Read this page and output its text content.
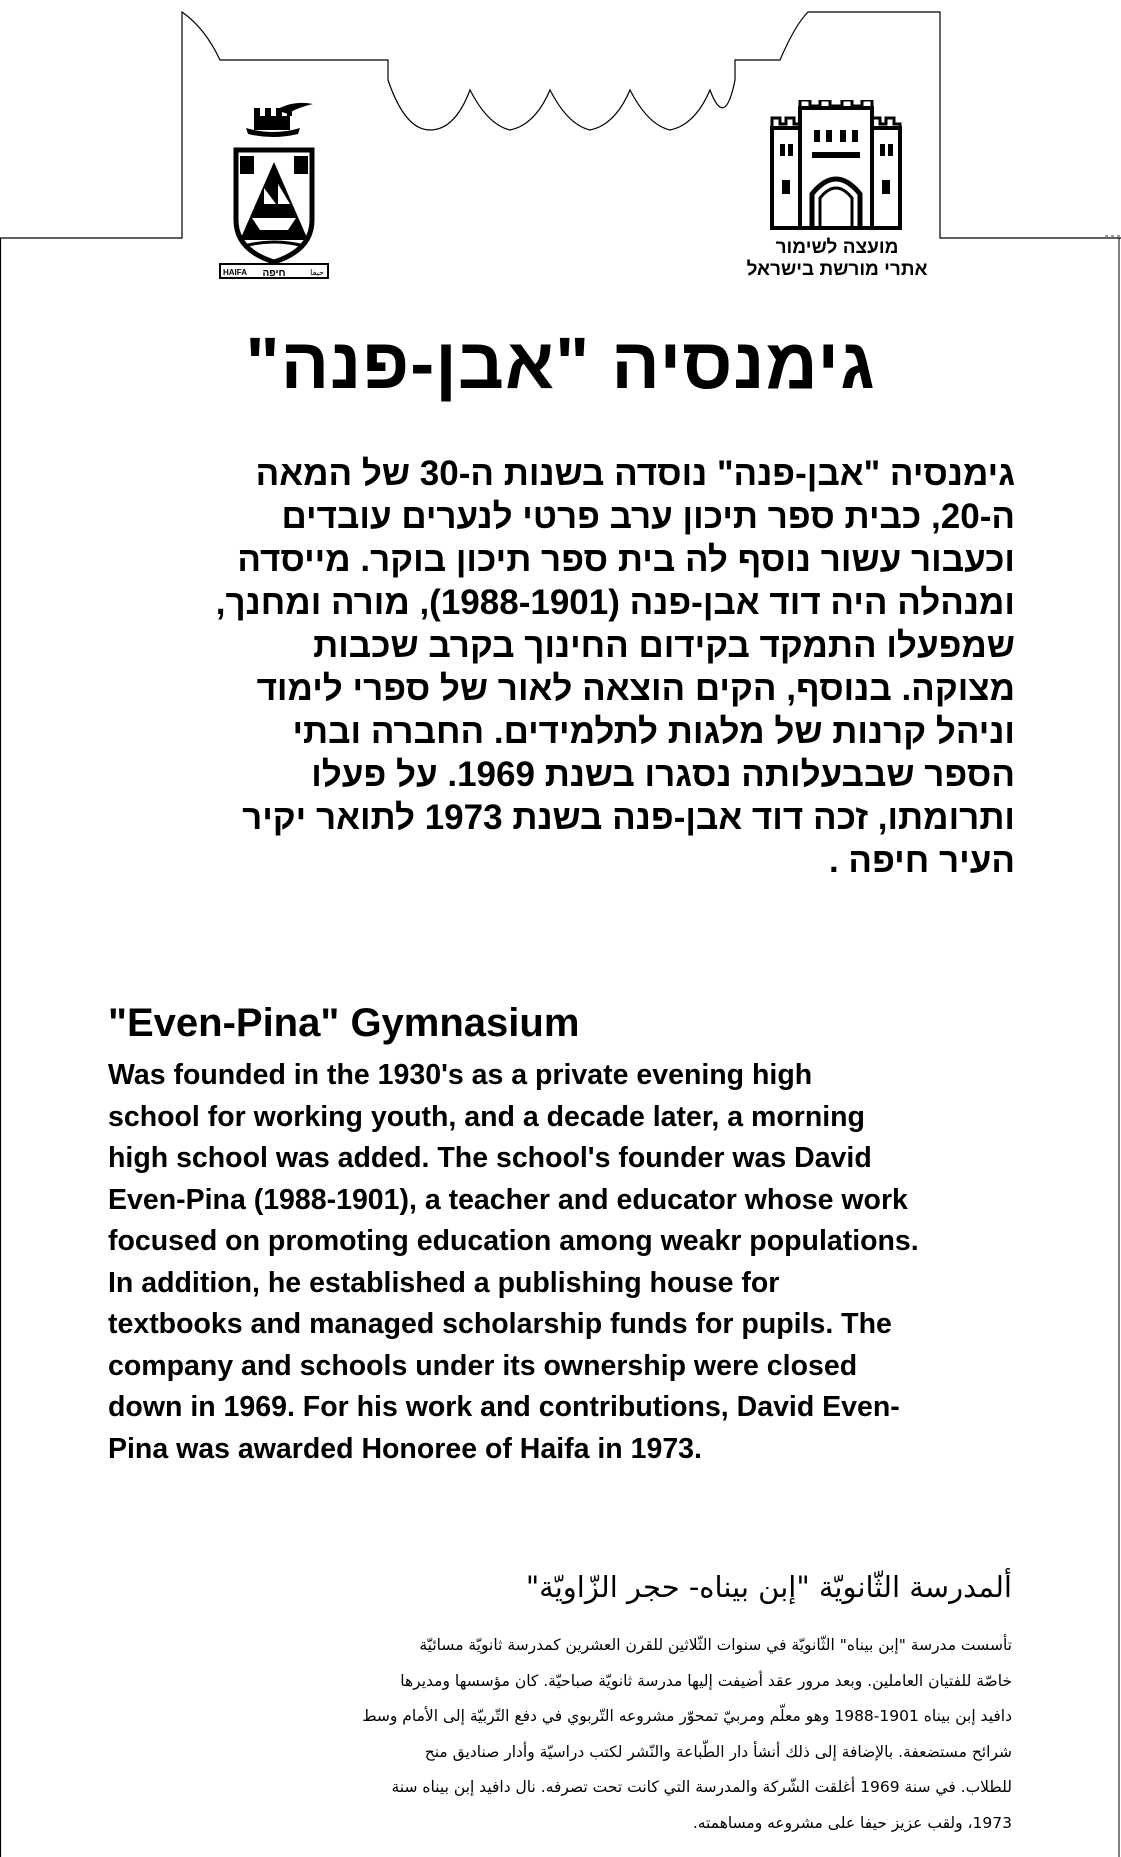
HAIFA חיפה	حيفا
מועצה לשימור
אתרי מורשת בישראל
גימנסיה "אבן-פנה"
גימנסיה "אבן-פנה" נוסדה בשנות ה-30 של המאה
ה-20, כבית ספר תיכון ערב פרטי לנערים עובדים
וכעבור עשור נוסף לה בית ספר תיכון בוקר. מייסדה
ומנהלה היה דוד אבן-פנה (1988-1901), מורה ומחנך,
שמפעלו התמקד בקידום החינוך בקרב שכבות
מצוקה. בנוסף, הקים הוצאה לאור של ספרי לימוד
וניהל קרנות של מלגות לתלמידים. החברה ובתי
הספר שבבעלותה נסגרו בשנת 1969. על פעלו
ותרומתו, זכה דוד אבן-פנה בשנת 1973 לתואר יקיר
העיר חיפה .
"Even-Pina" Gymnasium
Was founded in the 1930's as a private evening high
school for working youth, and a decade later, a morning
high school was added. The school's founder was David
Even-Pina (1988-1901), a teacher and educator whose work
focused on promoting education among weakr populations.
In addition, he established a publishing house for
textbooks and managed scholarship funds for pupils. The
company and schools under its ownership were closed
down in 1969. For his work and contributions, David Even-
Pina was awarded Honoree of Haifa in 1973.
ألمدرسة الثّانويّة "إبن بيناه- حجر الزّاويّة"
تأسست مدرسة "إبن بيناه" الثّانويّة في سنوات الثّلاثين للقرن العشرين كمدرسة ثانويّة مسائيّة
خاصّة للفتيان العاملين. وبعد مرور عقد أضيفت إليها مدرسة ثانويّة صباحيّة. كان مؤسسها ومديرها
دافيد إبن بيناه 1901-1988 وهو معلّم ومربيّ تمحوّر مشروعه التّربوي في دفع التّربيّة إلى الأمام وسط
شرائح مستضعفة. بالإضافة إلى ذلك أنشأ دار الطّباعة والنّشر لكتب دراسيّة وأدار صناديق منح
للطلاب. في سنة 1969 أغلقت الشّركة والمدرسة التي كانت تحت تصرفه. نال دافيد إبن بيناه سنة
1973، ولقب عزيز حيفا على مشروعه ومساهمته.
